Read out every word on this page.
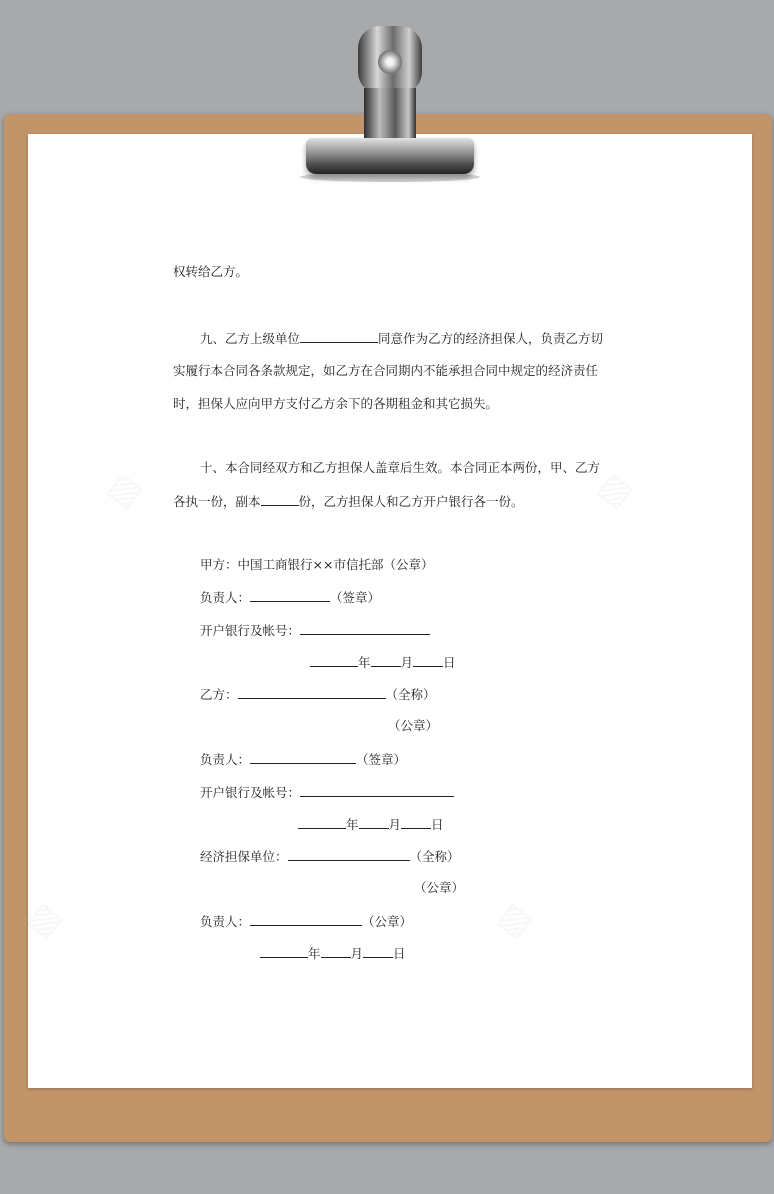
▨	▨
▨	▨
权转给乙方。
九、乙方上级单位	同意作为乙方的经济担保人，负责乙方切
实履行本合同各条款规定，如乙方在合同期内不能承担合同中规定的经济责任
时，担保人应向甲方支付乙方余下的各期租金和其它损失。
十、本合同经双方和乙方担保人盖章后生效。本合同正本两份，甲、乙方
各执一份，副本	份，乙方担保人和乙方开户银行各一份。
甲方：中国工商银行××市信托部（公章）
负责人：	（签章）
开户银行及帐号：
年 月 日
乙方：	（全称）
（公章）
负责人：	（签章）
开户银行及帐号：
年 月 日
经济担保单位：	（全称）
（公章）
负责人：	（公章）
年 月 日
